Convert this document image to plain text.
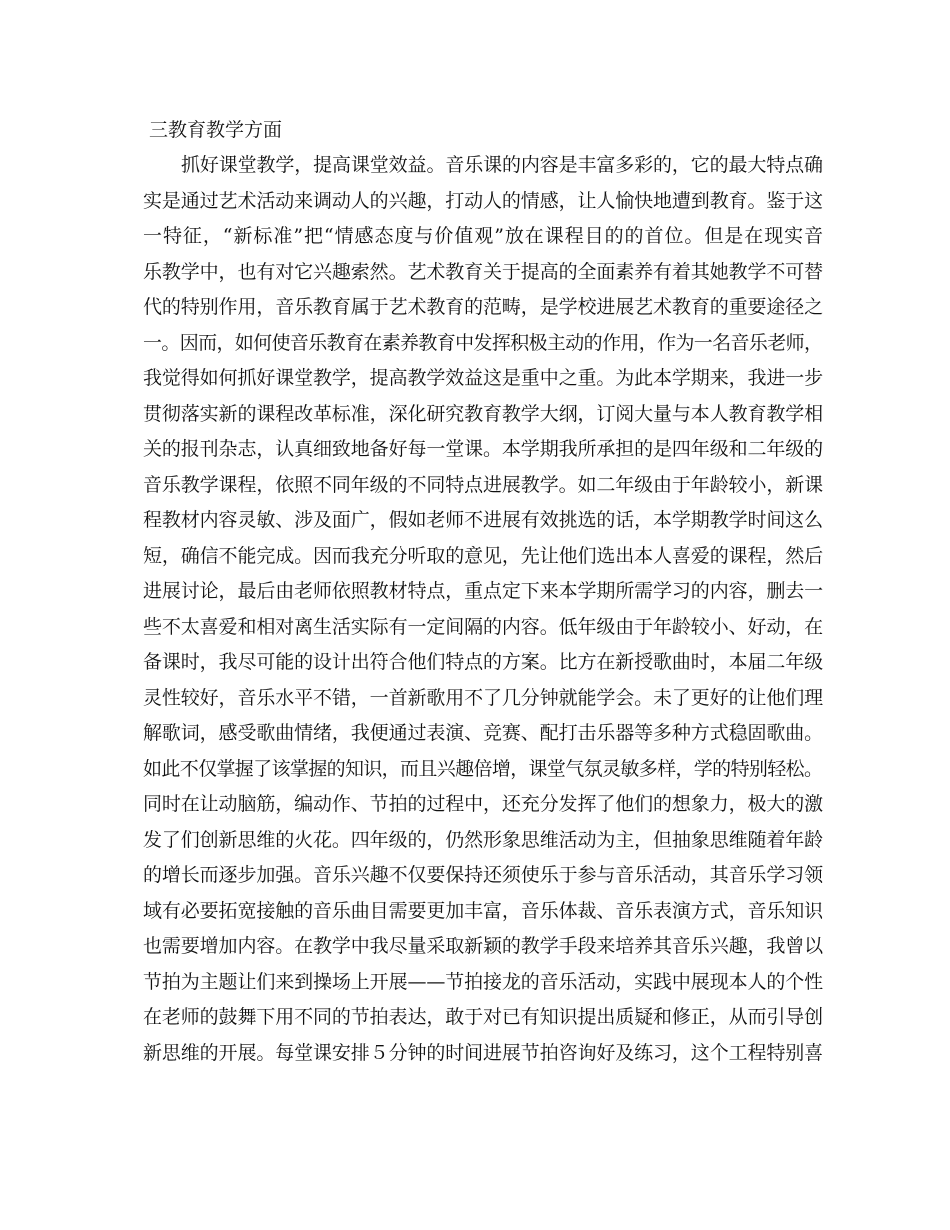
三教育教学方面
抓好课堂教学，提高课堂效益。音乐课的内容是丰富多彩的，它的最大特点确
实是通过艺术活动来调动人的兴趣，打动人的情感，让人愉快地遭到教育。鉴于这
一特征，“新标准”把“情感态度与价值观”放在课程目的的首位。但是在现实音
乐教学中，也有对它兴趣索然。艺术教育关于提高的全面素养有着其她教学不可替
代的特别作用，音乐教育属于艺术教育的范畴，是学校进展艺术教育的重要途径之
一。因而，如何使音乐教育在素养教育中发挥积极主动的作用，作为一名音乐老师，
我觉得如何抓好课堂教学，提高教学效益这是重中之重。为此本学期来，我进一步
贯彻落实新的课程改革标准，深化研究教育教学大纲，订阅大量与本人教育教学相
关的报刊杂志，认真细致地备好每一堂课。本学期我所承担的是四年级和二年级的
音乐教学课程，依照不同年级的不同特点进展教学。如二年级由于年龄较小，新课
程教材内容灵敏、涉及面广，假如老师不进展有效挑选的话，本学期教学时间这么
短，确信不能完成。因而我充分听取的意见，先让他们选出本人喜爱的课程，然后
进展讨论，最后由老师依照教材特点，重点定下来本学期所需学习的内容，删去一
些不太喜爱和相对离生活实际有一定间隔的内容。低年级由于年龄较小、好动，在
备课时，我尽可能的设计出符合他们特点的方案。比方在新授歌曲时，本届二年级
灵性较好，音乐水平不错，一首新歌用不了几分钟就能学会。未了更好的让他们理
解歌词，感受歌曲情绪，我便通过表演、竞赛、配打击乐器等多种方式稳固歌曲。
如此不仅掌握了该掌握的知识，而且兴趣倍增，课堂气氛灵敏多样，学的特别轻松。
同时在让动脑筋，编动作、节拍的过程中，还充分发挥了他们的想象力，极大的激
发了们创新思维的火花。四年级的，仍然形象思维活动为主，但抽象思维随着年龄
的增长而逐步加强。音乐兴趣不仅要保持还须使乐于参与音乐活动，其音乐学习领
域有必要拓宽接触的音乐曲目需要更加丰富，音乐体裁、音乐表演方式，音乐知识
也需要增加内容。在教学中我尽量采取新颖的教学手段来培养其音乐兴趣，我曾以
节拍为主题让们来到操场上开展——节拍接龙的音乐活动，实践中展现本人的个性
在老师的鼓舞下用不同的节拍表达，敢于对已有知识提出质疑和修正，从而引导创
新思维的开展。每堂课安排５分钟的时间进展节拍咨询好及练习，这个工程特别喜
